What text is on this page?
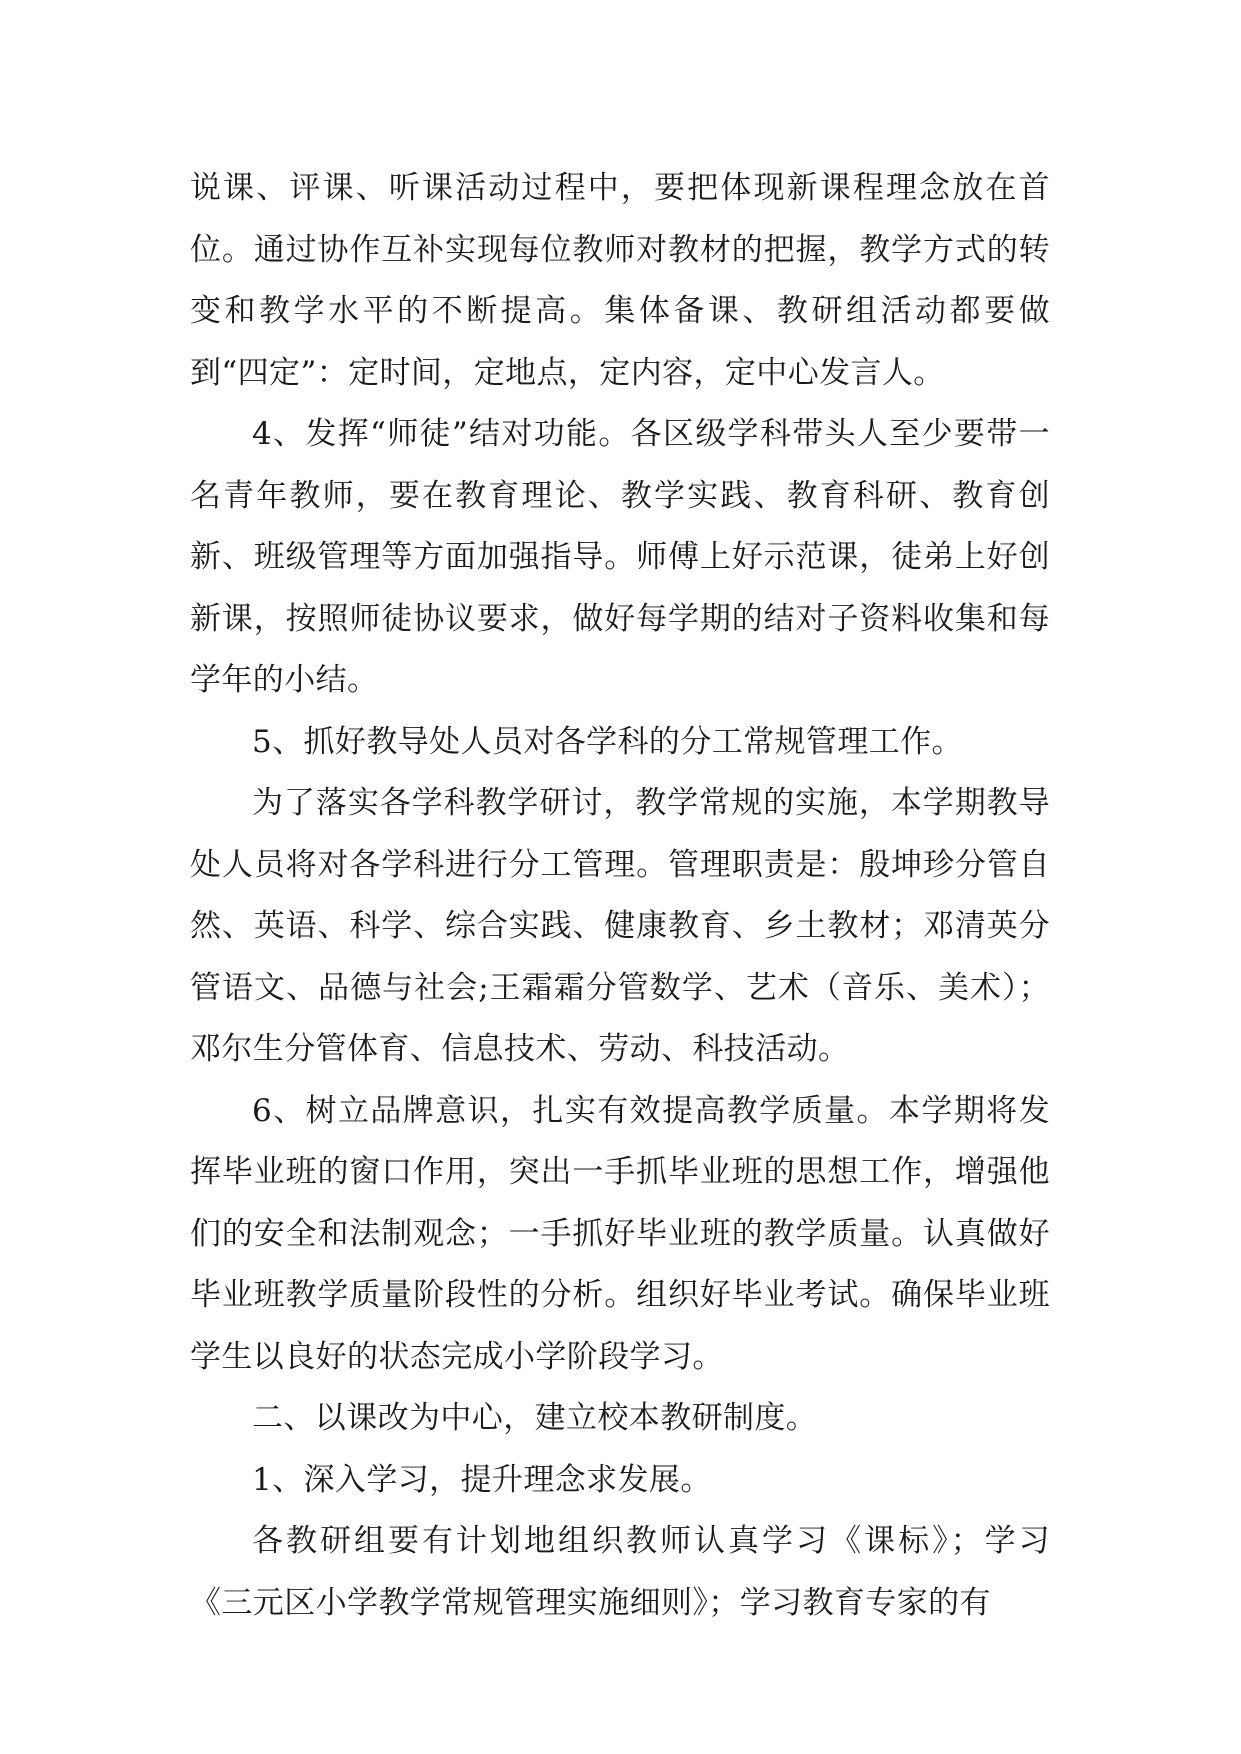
说课、评课、听课活动过程中，要把体现新课程理念放在首位。通过协作互补实现每位教师对教材的把握，教学方式的转变和教学水平的不断提高。集体备课、教研组活动都要做到“四定”：定时间，定地点，定内容，定中心发言人。

4、发挥“师徒”结对功能。各区级学科带头人至少要带一名青年教师，要在教育理论、教学实践、教育科研、教育创新、班级管理等方面加强指导。师傅上好示范课，徒弟上好创新课，按照师徒协议要求，做好每学期的结对子资料收集和每学年的小结。

5、抓好教导处人员对各学科的分工常规管理工作。

为了落实各学科教学研讨，教学常规的实施，本学期教导处人员将对各学科进行分工管理。管理职责是：殷坤珍分管自然、英语、科学、综合实践、健康教育、乡土教材；邓清英分管语文、品德与社会;王霜霜分管数学、艺术（音乐、美术）；邓尔生分管体育、信息技术、劳动、科技活动。

6、树立品牌意识，扎实有效提高教学质量。本学期将发挥毕业班的窗口作用，突出一手抓毕业班的思想工作，增强他们的安全和法制观念；一手抓好毕业班的教学质量。认真做好毕业班教学质量阶段性的分析。组织好毕业考试。确保毕业班学生以良好的状态完成小学阶段学习。

二、以课改为中心，建立校本教研制度。

1、深入学习，提升理念求发展。

各教研组要有计划地组织教师认真学习《课标》；学习《三元区小学教学常规管理实施细则》；学习教育专家的有
